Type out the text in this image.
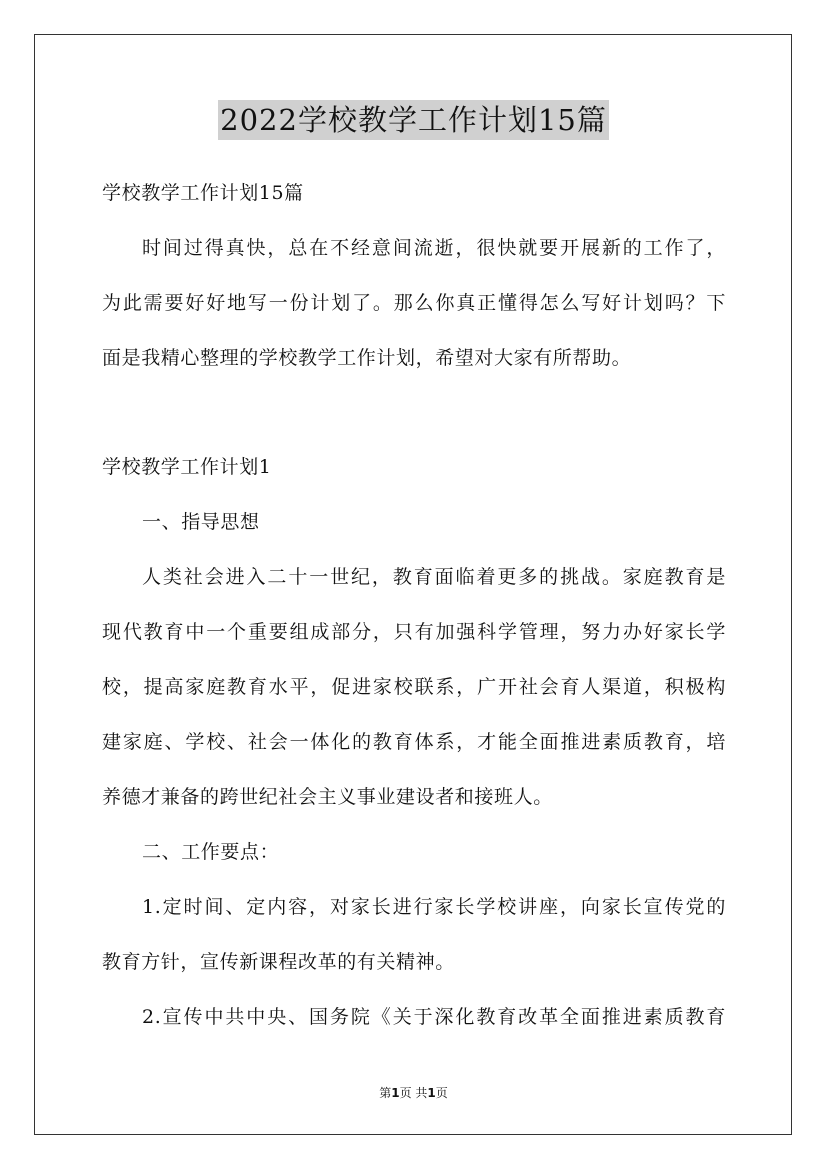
2022学校教学工作计划15篇
学校教学工作计划15篇
时间过得真快，总在不经意间流逝，很快就要开展新的工作了，
为此需要好好地写一份计划了。那么你真正懂得怎么写好计划吗？下
面是我精心整理的学校教学工作计划，希望对大家有所帮助。
学校教学工作计划1
一、指导思想
人类社会进入二十一世纪，教育面临着更多的挑战。家庭教育是
现代教育中一个重要组成部分，只有加强科学管理，努力办好家长学
校，提高家庭教育水平，促进家校联系，广开社会育人渠道，积极构
建家庭、学校、社会一体化的教育体系，才能全面推进素质教育，培
养德才兼备的跨世纪社会主义事业建设者和接班人。
二、工作要点：
1.定时间、定内容，对家长进行家长学校讲座，向家长宣传党的
教育方针，宣传新课程改革的有关精神。
2.宣传中共中央、国务院《关于深化教育改革全面推进素质教育
第1页 共1页
